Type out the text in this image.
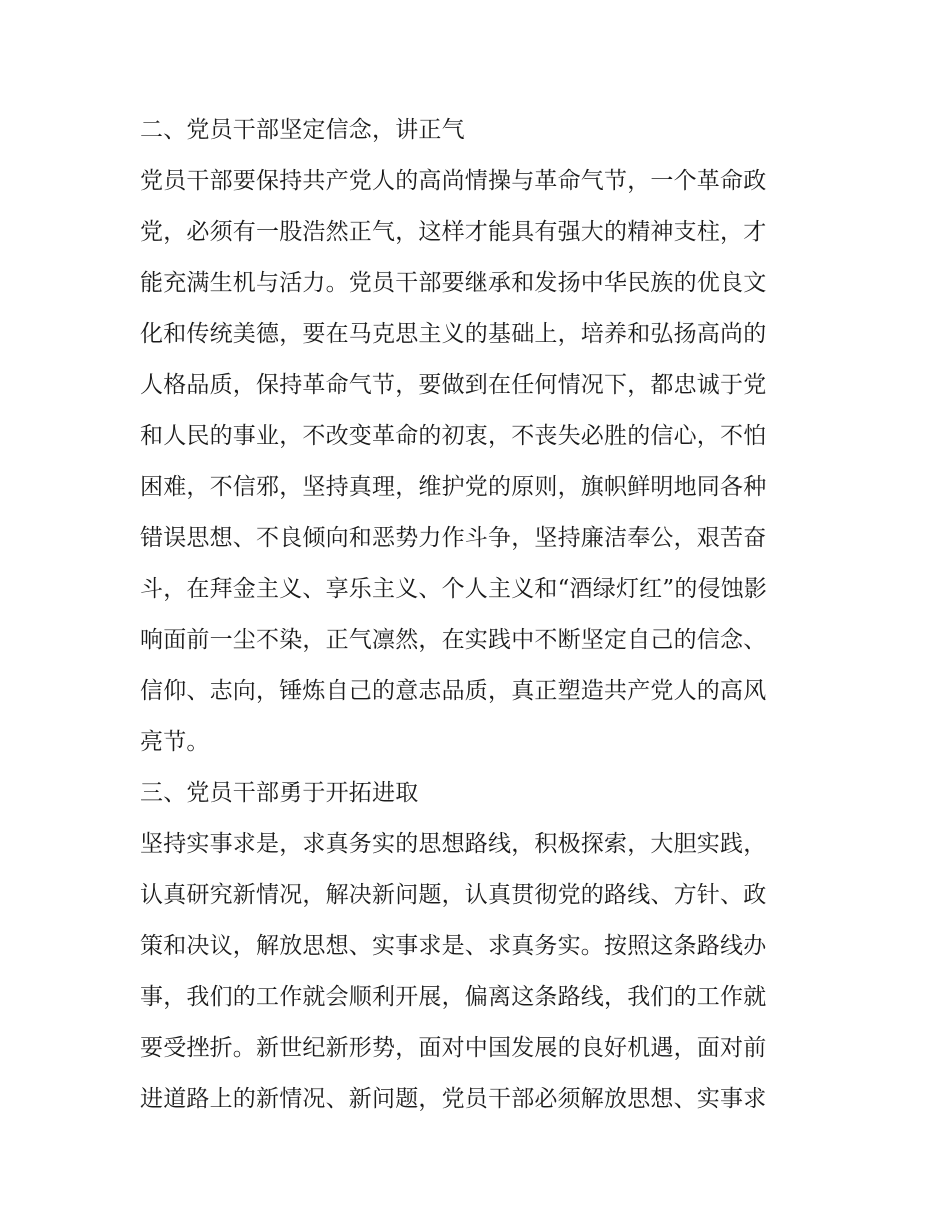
二、党员干部坚定信念，讲正气
党员干部要保持共产党人的高尚情操与革命气节，一个革命政
党，必须有一股浩然正气，这样才能具有强大的精神支柱，才
能充满生机与活力。党员干部要继承和发扬中华民族的优良文
化和传统美德，要在马克思主义的基础上，培养和弘扬高尚的
人格品质，保持革命气节，要做到在任何情况下，都忠诚于党
和人民的事业，不改变革命的初衷，不丧失必胜的信心，不怕
困难，不信邪，坚持真理，维护党的原则，旗帜鲜明地同各种
错误思想、不良倾向和恶势力作斗争，坚持廉洁奉公，艰苦奋
斗，在拜金主义、享乐主义、个人主义和“酒绿灯红”的侵蚀影
响面前一尘不染，正气凛然，在实践中不断坚定自己的信念、
信仰、志向，锤炼自己的意志品质，真正塑造共产党人的高风
亮节。
三、党员干部勇于开拓进取
坚持实事求是，求真务实的思想路线，积极探索，大胆实践，
认真研究新情况，解决新问题，认真贯彻党的路线、方针、政
策和决议，解放思想、实事求是、求真务实。按照这条路线办
事，我们的工作就会顺利开展，偏离这条路线，我们的工作就
要受挫折。新世纪新形势，面对中国发展的良好机遇，面对前
进道路上的新情况、新问题，党员干部必须解放思想、实事求
